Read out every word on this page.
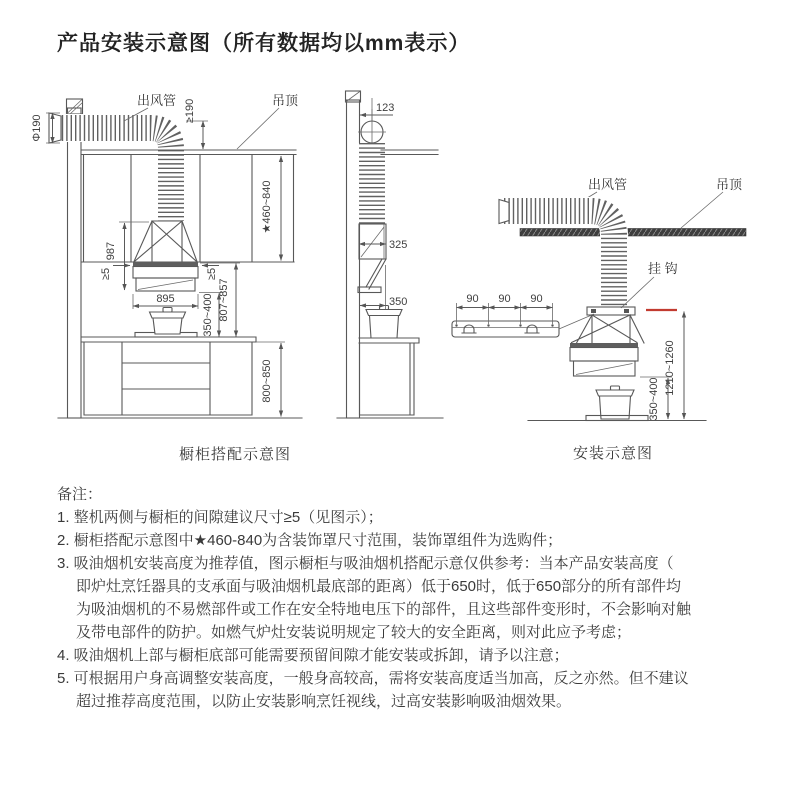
产品安装示意图（所有数据均以mm表示）
Φ190
出风管 ≥190	吊顶
★460~840
987
≥5	≥5
895 350~400 807~857
800~850
橱柜搭配示意图
123
325
350
出风管	吊顶
挂 钩
90 90 90
1210~1260
350~400
安装示意图
备注：
1. 整机两侧与橱柜的间隙建议尺寸≥5（见图示）；
2. 橱柜搭配示意图中★460-840为含装饰罩尺寸范围，装饰罩组件为选购件；
3. 吸油烟机安装高度为推荐值，图示橱柜与吸油烟机搭配示意仅供参考：当本产品安装高度（
即炉灶烹饪器具的支承面与吸油烟机最底部的距离）低于650时，低于650部分的所有部件均
为吸油烟机的不易燃部件或工作在安全特地电压下的部件，且这些部件变形时，不会影响对触
及带电部件的防护。如燃气炉灶安装说明规定了较大的安全距离，则对此应予考虑；
4. 吸油烟机上部与橱柜底部可能需要预留间隙才能安装或拆卸，请予以注意；
5. 可根据用户身高调整安装高度，一般身高较高，需将安装高度适当加高，反之亦然。但不建议
超过推荐高度范围，以防止安装影响烹饪视线，过高安装影响吸油烟效果。
